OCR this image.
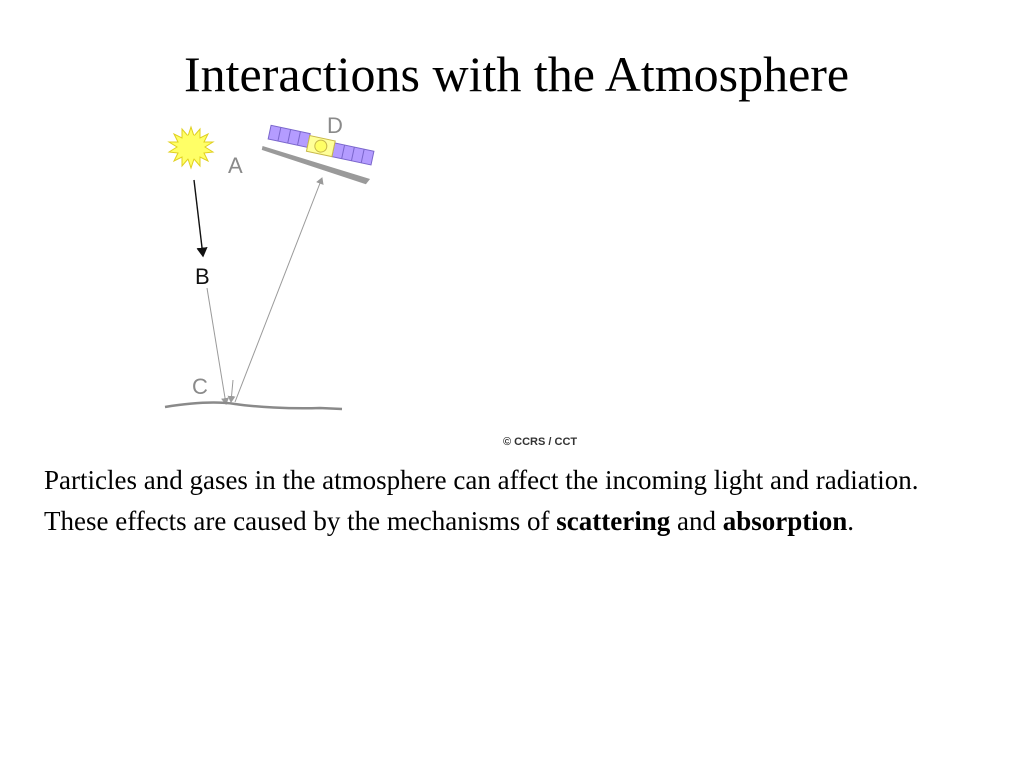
Interactions with the Atmosphere
A
B
C
D
© CCRS / CCT
Particles and gases in the atmosphere can affect the incoming light and radiation. These effects are caused by the mechanisms of scattering and absorption.
